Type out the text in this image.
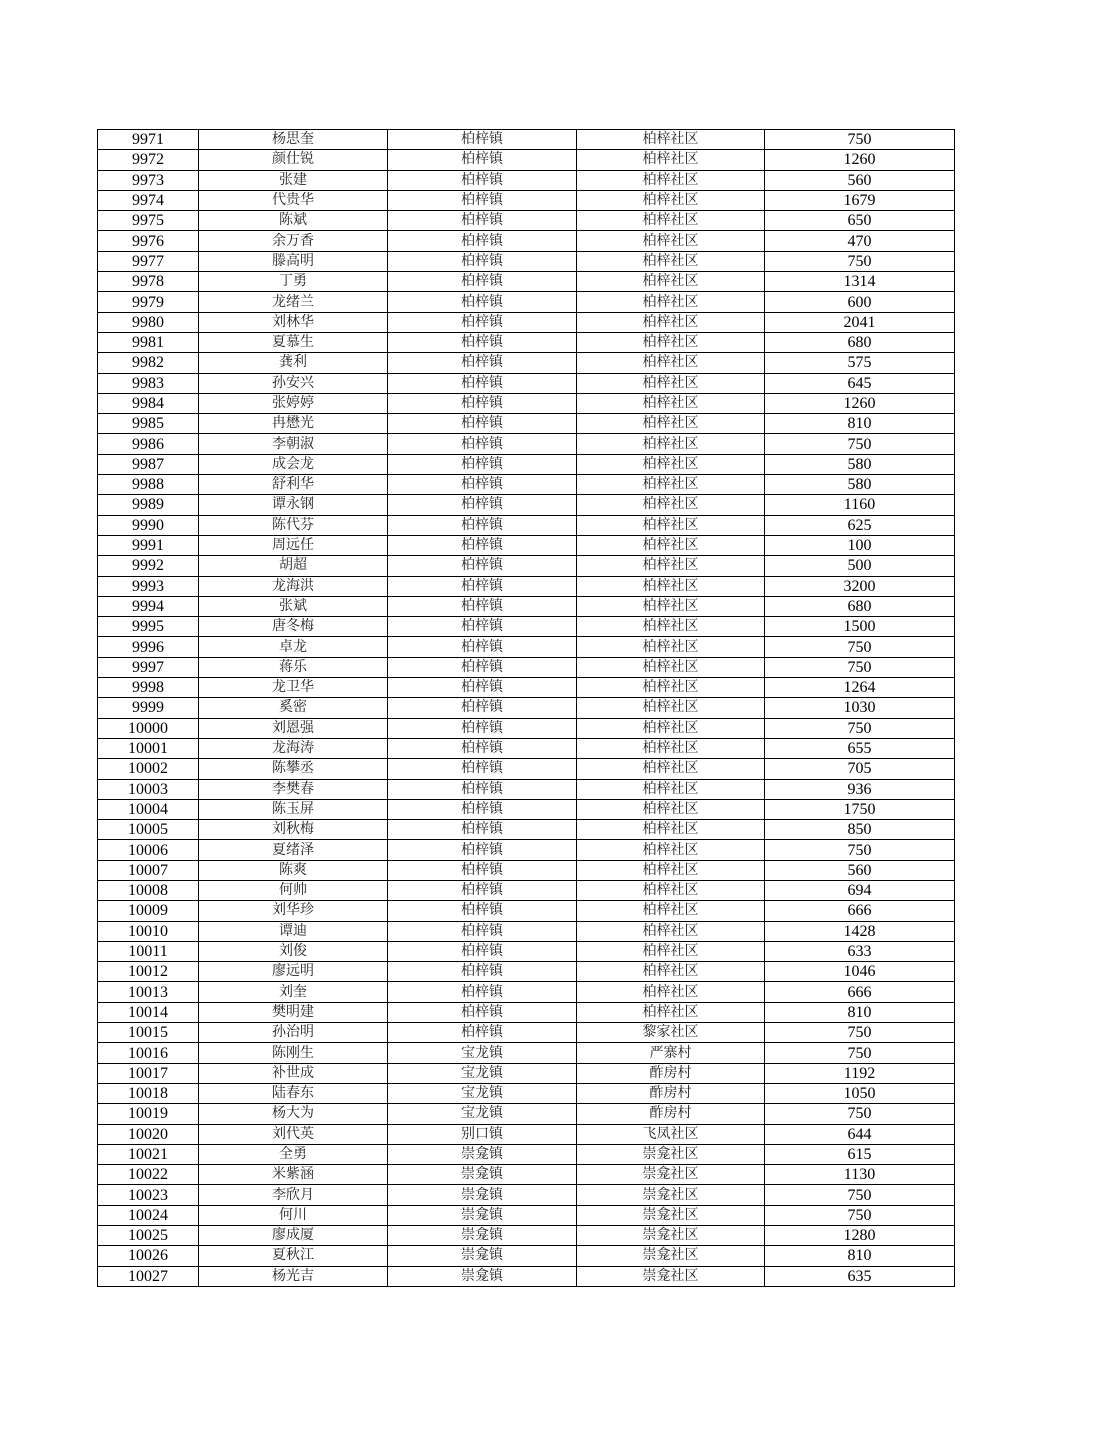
9971	杨思奎	柏梓镇	柏梓社区	750
9972	颜仕锐	柏梓镇	柏梓社区	1260
9973	张建	柏梓镇	柏梓社区	560
9974	代贵华	柏梓镇	柏梓社区	1679
9975	陈斌	柏梓镇	柏梓社区	650
9976	余万香	柏梓镇	柏梓社区	470
9977	滕高明	柏梓镇	柏梓社区	750
9978	丁勇	柏梓镇	柏梓社区	1314
9979	龙绪兰	柏梓镇	柏梓社区	600
9980	刘林华	柏梓镇	柏梓社区	2041
9981	夏慕生	柏梓镇	柏梓社区	680
9982	龚利	柏梓镇	柏梓社区	575
9983	孙安兴	柏梓镇	柏梓社区	645
9984	张婷婷	柏梓镇	柏梓社区	1260
9985	冉懋光	柏梓镇	柏梓社区	810
9986	李朝淑	柏梓镇	柏梓社区	750
9987	成会龙	柏梓镇	柏梓社区	580
9988	舒利华	柏梓镇	柏梓社区	580
9989	谭永钢	柏梓镇	柏梓社区	1160
9990	陈代芬	柏梓镇	柏梓社区	625
9991	周远任	柏梓镇	柏梓社区	100
9992	胡超	柏梓镇	柏梓社区	500
9993	龙海洪	柏梓镇	柏梓社区	3200
9994	张斌	柏梓镇	柏梓社区	680
9995	唐冬梅	柏梓镇	柏梓社区	1500
9996	卓龙	柏梓镇	柏梓社区	750
9997	蒋乐	柏梓镇	柏梓社区	750
9998	龙卫华	柏梓镇	柏梓社区	1264
9999	奚密	柏梓镇	柏梓社区	1030
10000	刘恩强	柏梓镇	柏梓社区	750
10001	龙海涛	柏梓镇	柏梓社区	655
10002	陈攀丞	柏梓镇	柏梓社区	705
10003	李樊春	柏梓镇	柏梓社区	936
10004	陈玉屏	柏梓镇	柏梓社区	1750
10005	刘秋梅	柏梓镇	柏梓社区	850
10006	夏绪泽	柏梓镇	柏梓社区	750
10007	陈爽	柏梓镇	柏梓社区	560
10008	何帅	柏梓镇	柏梓社区	694
10009	刘华珍	柏梓镇	柏梓社区	666
10010	谭迪	柏梓镇	柏梓社区	1428
10011	刘俊	柏梓镇	柏梓社区	633
10012	廖远明	柏梓镇	柏梓社区	1046
10013	刘奎	柏梓镇	柏梓社区	666
10014	樊明建	柏梓镇	柏梓社区	810
10015	孙治明	柏梓镇	黎家社区	750
10016	陈刚生	宝龙镇	严寨村	750
10017	补世成	宝龙镇	酢房村	1192
10018	陆春东	宝龙镇	酢房村	1050
10019	杨大为	宝龙镇	酢房村	750
10020	刘代英	别口镇	飞凤社区	644
10021	全勇	崇龛镇	崇龛社区	615
10022	米紫涵	崇龛镇	崇龛社区	1130
10023	李欣月	崇龛镇	崇龛社区	750
10024	何川	崇龛镇	崇龛社区	750
10025	廖成厦	崇龛镇	崇龛社区	1280
10026	夏秋江	崇龛镇	崇龛社区	810
10027	杨光吉	崇龛镇	崇龛社区	635
